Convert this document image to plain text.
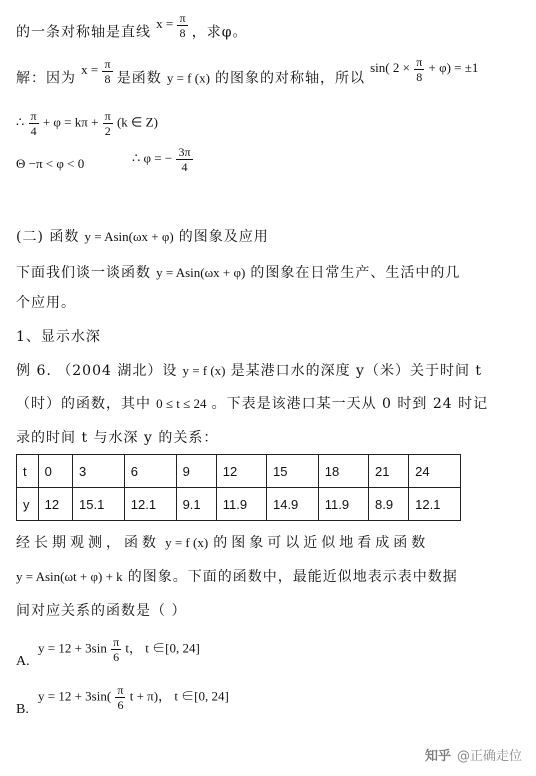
的一条对称轴是直线 $^{x = \frac{\pi}{8}}$ ，求φ。
解：因为 $^{x = \frac{\pi}{8}}$ 是函数 y = f (x) 的图象的对称轴，所以 $^{sin( 2 \times \frac{\pi}{8} + \varphi) = \pm 1}$
∴ $\frac{\pi}{4} + \varphi = k\pi + \frac{\pi}{2} (k$ ∈ Z)
Θ −π < φ < 0	∴ φ = − $\frac{3\pi}{4}$
(二) 函数 y = Asin(ωx + φ) 的图象及应用
下面我们谈一谈函数 y = Asin(ωx + φ) 的图象在日常生产、生活中的几
个应用。
1、显示水深
例 6. （2004 湖北）设 y = f (x) 是某港口水的深度 y（米）关于时间 t
（时）的函数，其中 0 ≤ t ≤ 24 。下表是该港口某一天从 0 时到 24 时记
录的时间 t 与水深 y 的关系：
t	0	3	6	9	12	15	18	21	24
y	12	15.1	12.1	9.1	11.9	14.9	11.9	8.9	12.1
经长期观测，函数 y = f (x) 的图象可以近似地看成函数
y = Asin(ωt + φ) + k 的图象。下面的函数中，最能近似地表示表中数据
间对应关系的函数是（ ）
$y = 12 + 3\sin \frac{\pi}{6}$ t， t ∈[0, 24]
A.
$y = 12 + 3\sin( \frac{\pi}{6}$ t + π)， t ∈[0, 24]
B.
知乎 @正确走位
